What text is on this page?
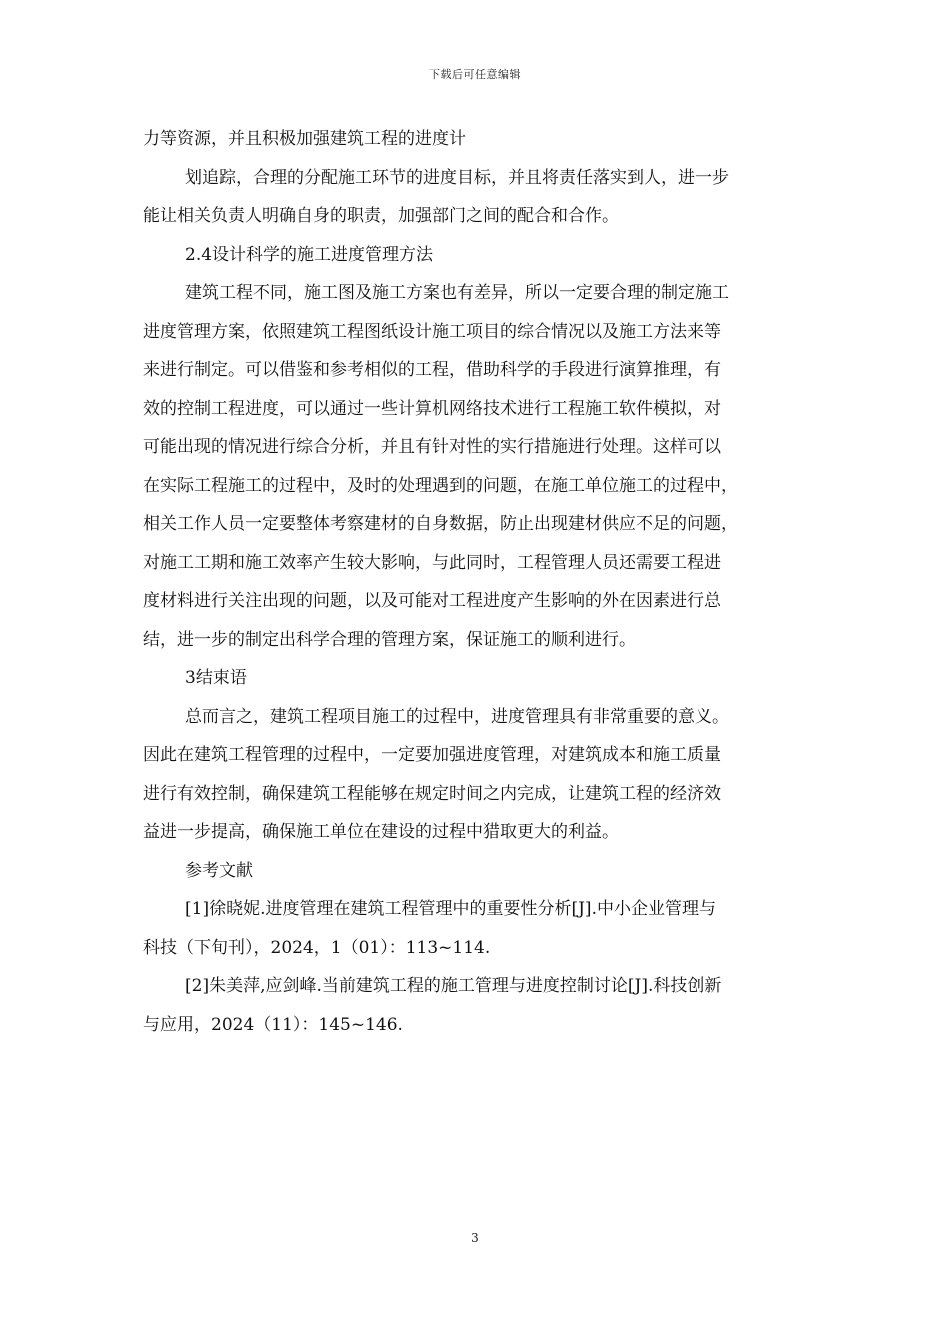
下载后可任意编辑
力等资源，并且积极加强建筑工程的进度计
划追踪，合理的分配施工环节的进度目标，并且将责任落实到人，进一步
能让相关负责人明确自身的职责，加强部门之间的配合和合作。
2.4设计科学的施工进度管理方法
建筑工程不同，施工图及施工方案也有差异，所以一定要合理的制定施工
进度管理方案，依照建筑工程图纸设计施工项目的综合情况以及施工方法来等
来进行制定。可以借鉴和参考相似的工程，借助科学的手段进行演算推理，有
效的控制工程进度，可以通过一些计算机网络技术进行工程施工软件模拟，对
可能出现的情况进行综合分析，并且有针对性的实行措施进行处理。这样可以
在实际工程施工的过程中，及时的处理遇到的问题，在施工单位施工的过程中，
相关工作人员一定要整体考察建材的自身数据，防止出现建材供应不足的问题，
对施工工期和施工效率产生较大影响，与此同时，工程管理人员还需要工程进
度材料进行关注出现的问题，以及可能对工程进度产生影响的外在因素进行总
结，进一步的制定出科学合理的管理方案，保证施工的顺利进行。
3结束语
总而言之，建筑工程项目施工的过程中，进度管理具有非常重要的意义。
因此在建筑工程管理的过程中，一定要加强进度管理，对建筑成本和施工质量
进行有效控制，确保建筑工程能够在规定时间之内完成，让建筑工程的经济效
益进一步提高，确保施工单位在建设的过程中猎取更大的利益。
参考文献
[1]徐晓妮.进度管理在建筑工程管理中的重要性分析[J].中小企业管理与
科技（下旬刊），2024，1（01）：113~114.
[2]朱美萍,应剑峰.当前建筑工程的施工管理与进度控制讨论[J].科技创新
与应用，2024（11）：145~146.
3
